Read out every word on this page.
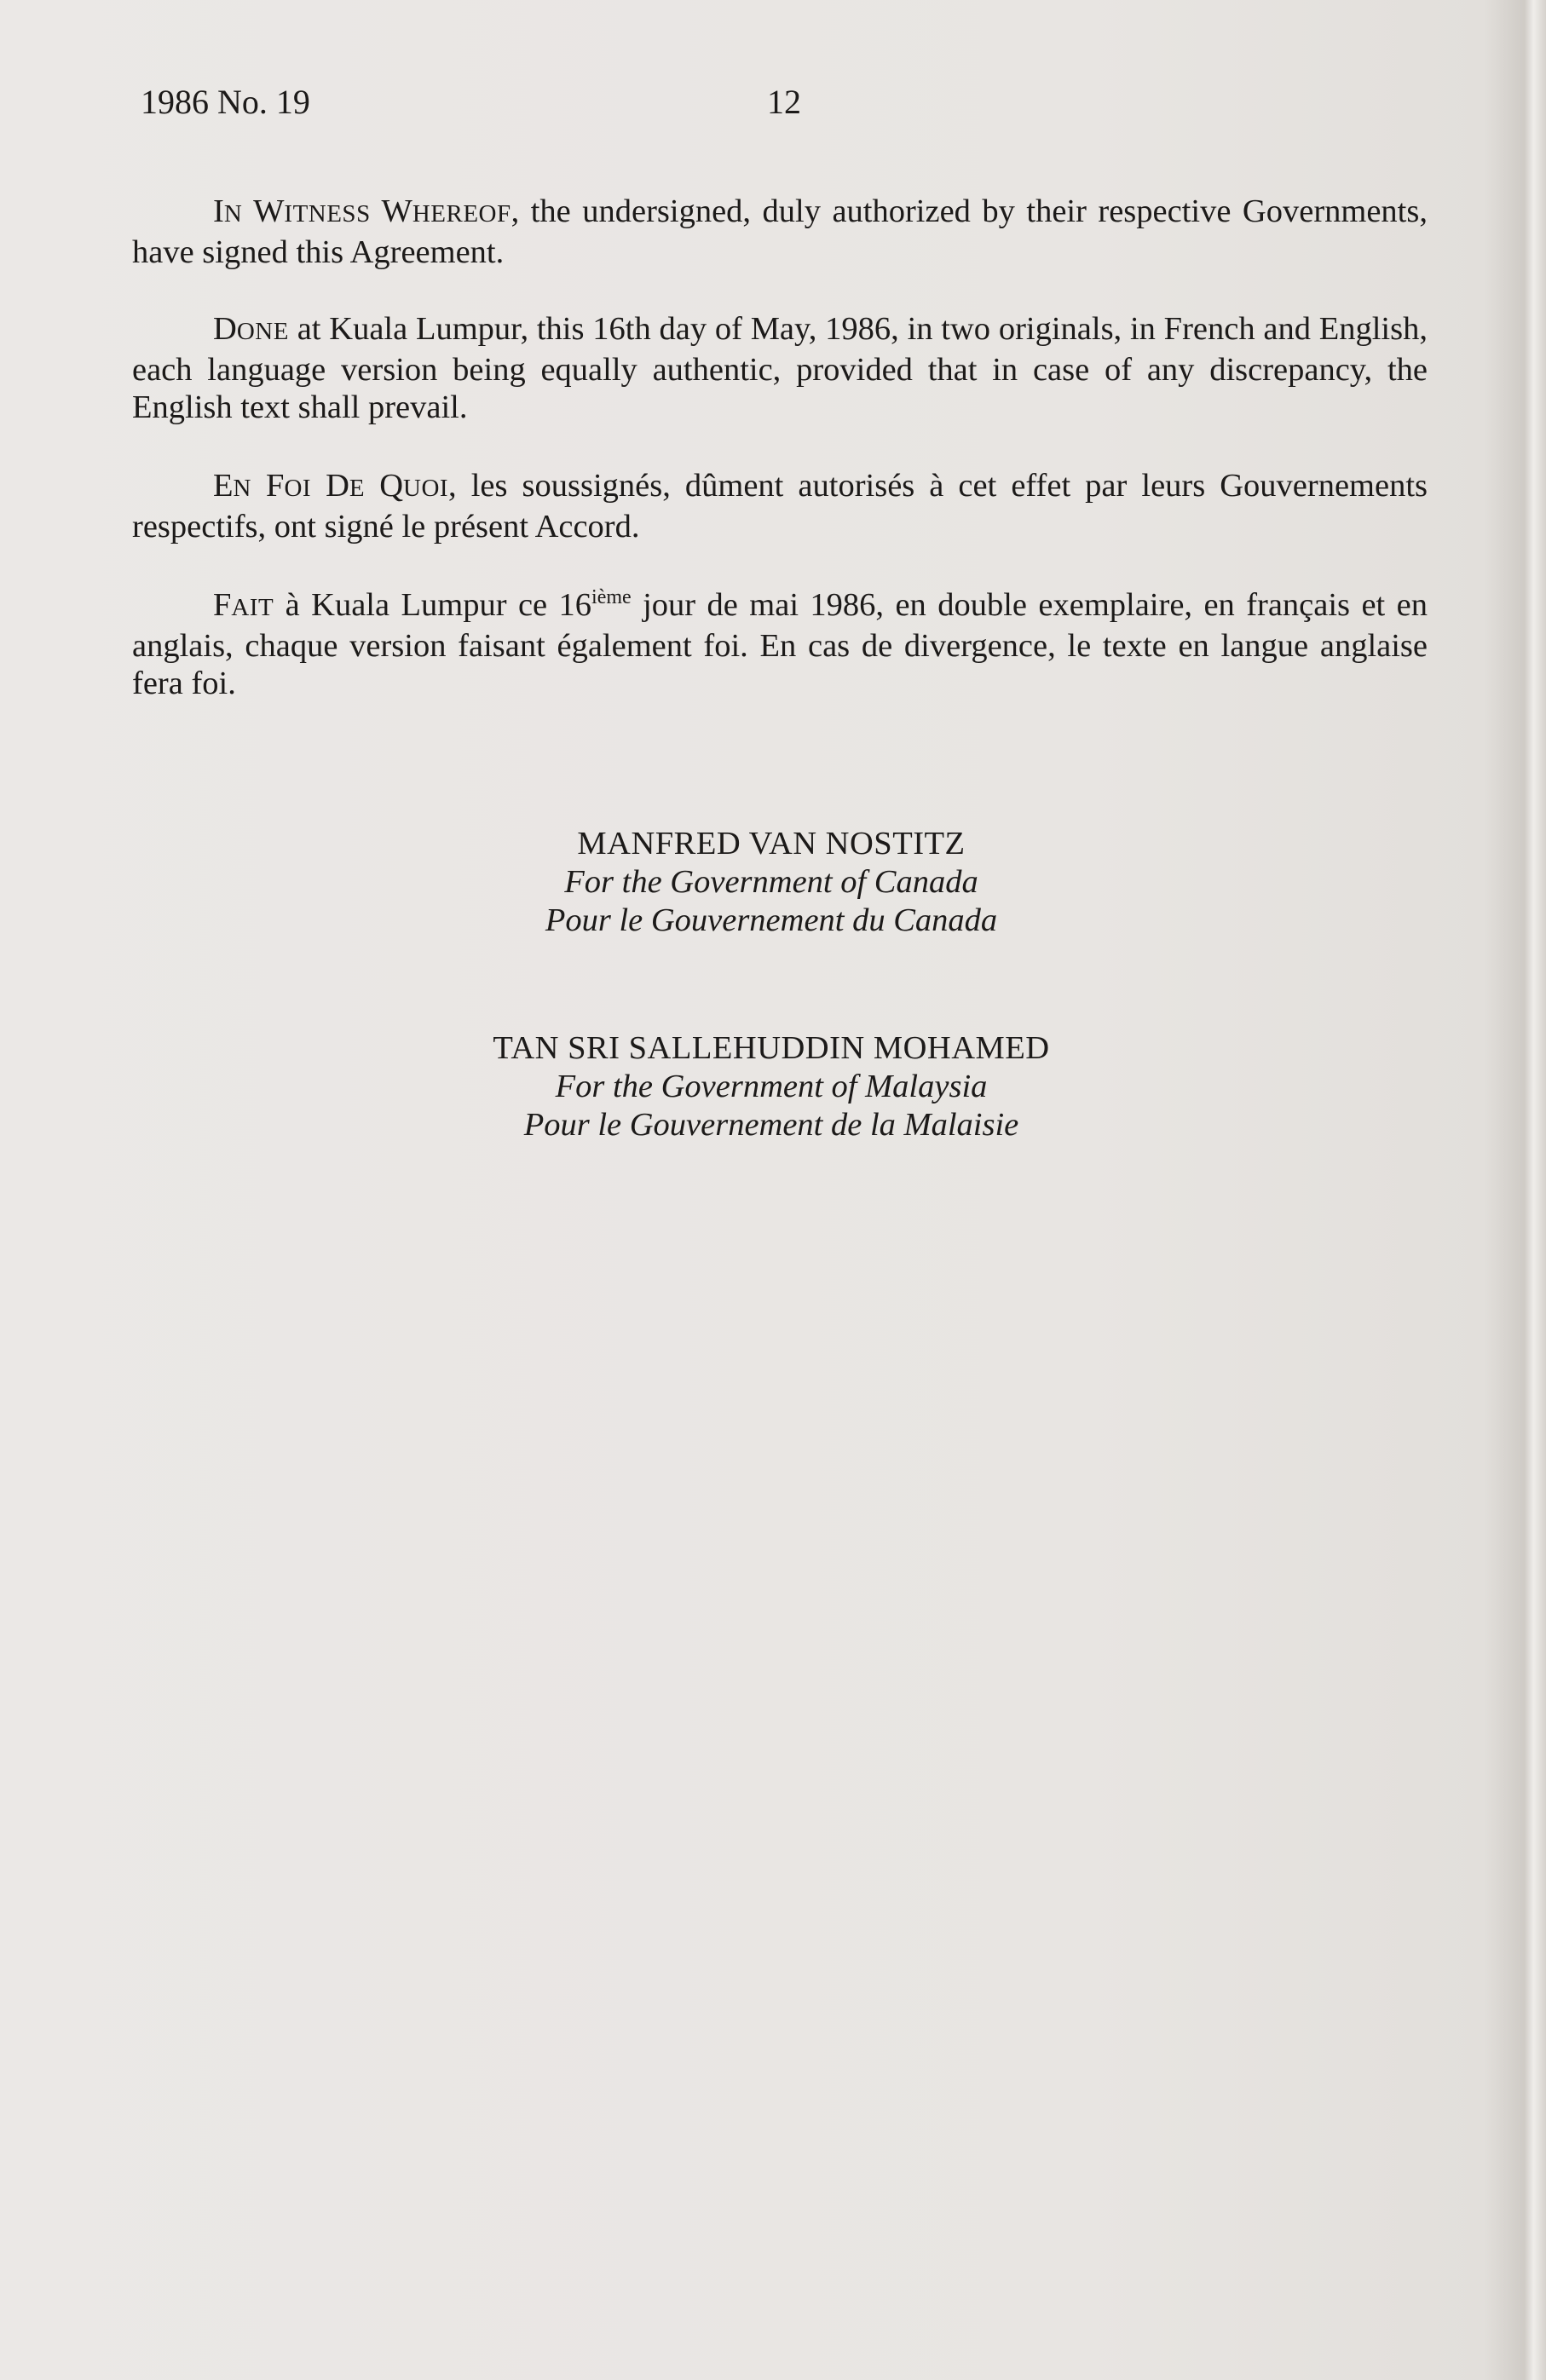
1986 No. 19	12
IN WITNESS WHEREOF, the undersigned, duly authorized by their respective Governments, have signed this Agreement.
DONE at Kuala Lumpur, this 16th day of May, 1986, in two originals, in French and English, each language version being equally authentic, provided that in case of any discrepancy, the English text shall prevail.
EN FOI DE QUOI, les soussignés, dûment autorisés à cet effet par leurs Gouvernements respectifs, ont signé le présent Accord.
FAIT à Kuala Lumpur ce 16ième jour de mai 1986, en double exemplaire, en français et en anglais, chaque version faisant également foi. En cas de divergence, le texte en langue anglaise fera foi.
MANFRED VAN NOSTITZ
For the Government of Canada
Pour le Gouvernement du Canada
TAN SRI SALLEHUDDIN MOHAMED
For the Government of Malaysia
Pour le Gouvernement de la Malaisie
